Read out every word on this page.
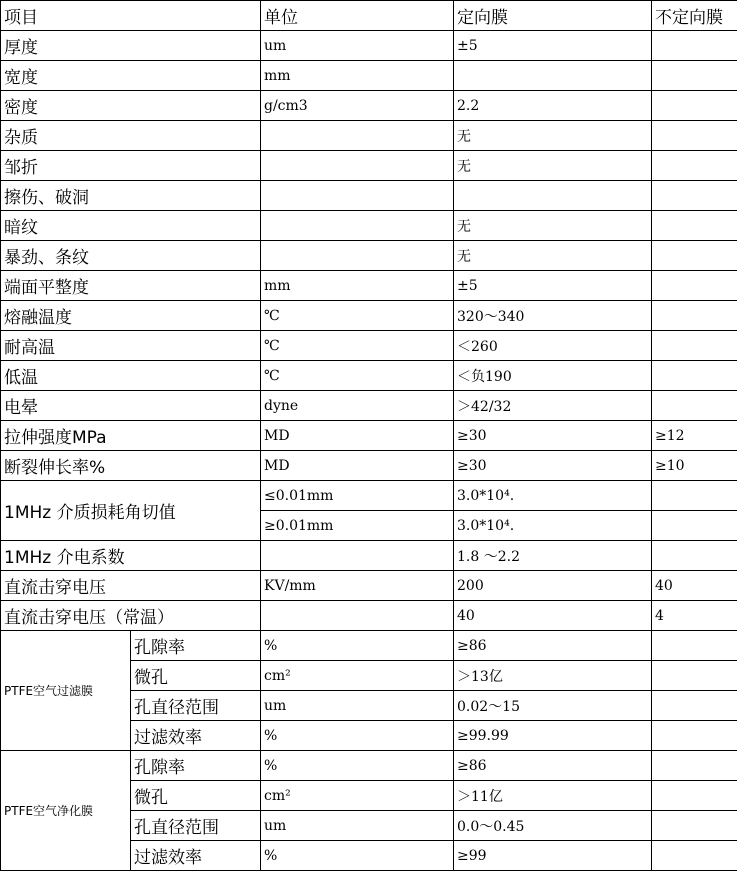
项目		单位	定向膜	不定向膜
厚度		um	±5	
宽度		mm		
密度		g/cm3	2.2	
杂质			无	
邹折			无	
擦伤、破洞				
暗纹			无	
暴劲、条纹			无	
端面平整度		mm	±5	
熔融温度		℃	320～340	
耐高温		℃	＜260	
低温		℃	＜负190	
电晕		dyne	＞42/32	
拉伸强度MPa		MD	≥30	≥12
断裂伸长率%		MD	≥30	≥10
1MHz 介质损耗角切值		≤0.01mm	3.0*10⁴.	
		≥0.01mm	3.0*10⁴.	
1MHz 介电系数			1.8 ～2.2	
直流击穿电压		KV/mm	200	40
直流击穿电压（常温）			40	4
PTFE空气过滤膜	孔隙率	%	≥86	
	微孔	cm²	＞13亿	
	孔直径范围	um	0.02～15	
	过滤效率	%	≥99.99	
PTFE空气净化膜	孔隙率	%	≥86	
	微孔	cm²	＞11亿	
	孔直径范围	um	0.0～0.45	
	过滤效率	%	≥99	
